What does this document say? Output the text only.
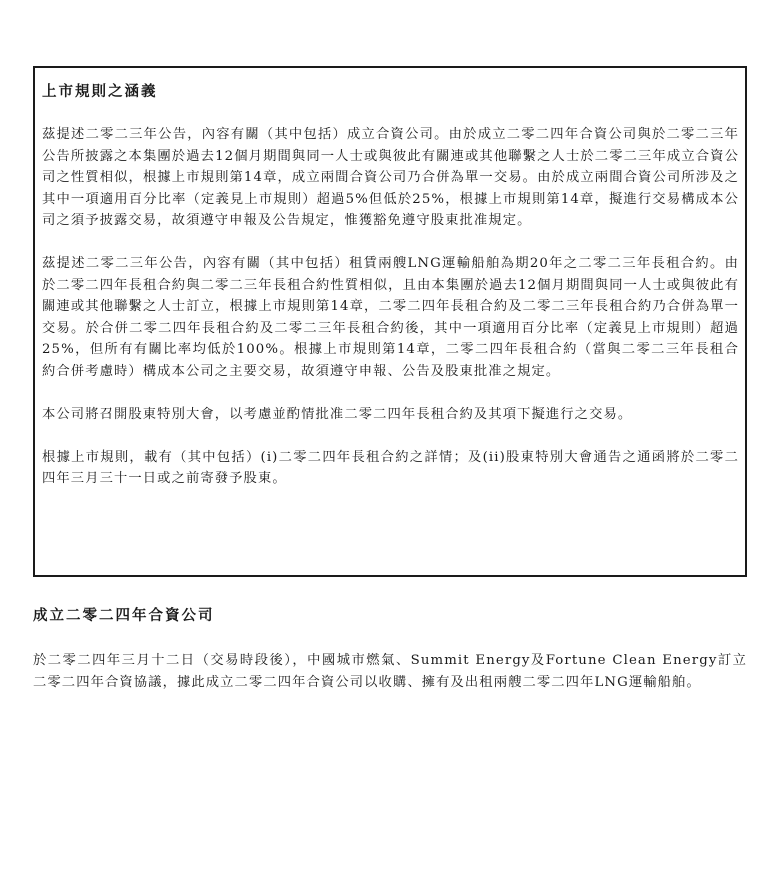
上市規則之涵義

茲提述二零二三年公告，內容有關（其中包括）成立合資公司。由於成立二零二四年合資公司與於二零二三年公告所披露之本集團於過去12個月期間與同一人士或與彼此有關連或其他聯繫之人士於二零二三年成立合資公司之性質相似，根據上市規則第14章，成立兩間合資公司乃合併為單一交易。由於成立兩間合資公司所涉及之其中一項適用百分比率（定義見上市規則）超過5%但低於25%，根據上市規則第14章，擬進行交易構成本公司之須予披露交易，故須遵守申報及公告規定，惟獲豁免遵守股東批准規定。

茲提述二零二三年公告，內容有關（其中包括）租賃兩艘LNG運輸船舶為期20年之二零二三年長租合約。由於二零二四年長租合約與二零二三年長租合約性質相似，且由本集團於過去12個月期間與同一人士或與彼此有關連或其他聯繫之人士訂立，根據上市規則第14章，二零二四年長租合約及二零二三年長租合約乃合併為單一交易。於合併二零二四年長租合約及二零二三年長租合約後，其中一項適用百分比率（定義見上市規則）超過25%，但所有有關比率均低於100%。根據上市規則第14章，二零二四年長租合約（當與二零二三年長租合約合併考慮時）構成本公司之主要交易，故須遵守申報、公告及股東批准之規定。

本公司將召開股東特別大會，以考慮並酌情批准二零二四年長租合約及其項下擬進行之交易。

根據上市規則，載有（其中包括）(i)二零二四年長租合約之詳情；及(ii)股東特別大會通告之通函將於二零二四年三月三十一日或之前寄發予股東。

成立二零二四年合資公司

於二零二四年三月十二日（交易時段後），中國城市燃氣、Summit Energy及Fortune Clean Energy訂立二零二四年合資協議，據此成立二零二四年合資公司以收購、擁有及出租兩艘二零二四年LNG運輸船舶。
